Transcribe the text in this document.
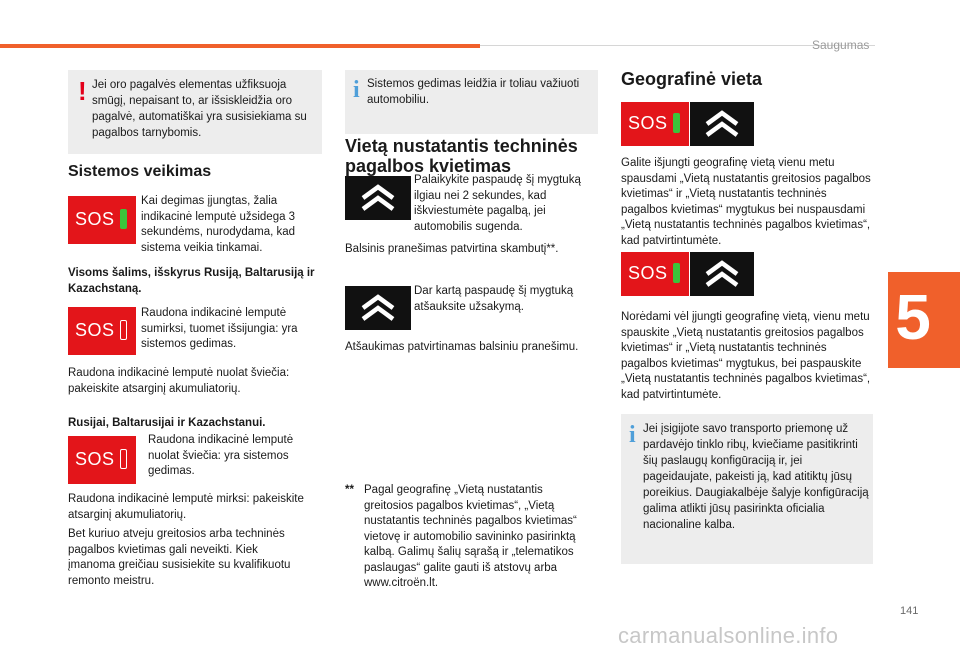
Saugumas
5
! Jei oro pagalvės elementas užfiksuoja smūgį, nepaisant to, ar išsiskleidžia oro pagalvė, automatiškai yra susisiekiama su pagalbos tarnybomis.
Sistemos veikimas
SOS
Kai degimas įjungtas, žalia indikacinė lemputė užsidega 3 sekundėms, nurodydama, kad sistema veikia tinkamai.
Visoms šalims, išskyrus Rusiją, Baltarusiją ir Kazachstaną.
SOS
Raudona indikacinė lemputė sumirksi, tuomet išsijungia: yra sistemos gedimas.
Raudona indikacinė lemputė nuolat šviečia: pakeiskite atsarginį akumuliatorių.
Rusijai, Baltarusijai ir Kazachstanui.
SOS
Raudona indikacinė lemputė nuolat šviečia: yra sistemos gedimas.
Raudona indikacinė lemputė mirksi: pakeiskite atsarginį akumuliatorių.
Bet kuriuo atveju greitosios arba techninės pagalbos kvietimas gali neveikti. Kiek įmanoma greičiau susisiekite su kvalifikuotu remonto meistru.
i Sistemos gedimas leidžia ir toliau važiuoti automobiliu.
Vietą nustatantis techninės pagalbos kvietimas
Palaikykite paspaudę šį mygtuką ilgiau nei 2 sekundes, kad iškviestumėte pagalbą, jei automobilis sugenda.
Balsinis pranešimas patvirtina skambutį**.
Dar kartą paspaudę šį mygtuką atšauksite užsakymą.
Atšaukimas patvirtinamas balsiniu pranešimu.
** Pagal geografinę „Vietą nustatantis greitosios pagalbos kvietimas“, „Vietą nustatantis techninės pagalbos kvietimas“ vietovę ir automobilio savininko pasirinktą kalbą. Galimų šalių sąrašą ir „telematikos paslaugas“ galite gauti iš atstovų arba www.citroën.lt.
Geografinė vieta
SOS
Galite išjungti geografinę vietą vienu metu spausdami „Vietą nustatantis greitosios pagalbos kvietimas“ ir „Vietą nustatantis techninės pagalbos kvietimas“ mygtukus bei nuspausdami „Vietą nustatantis techninės pagalbos kvietimas“, kad patvirtintumėte.
SOS
Norėdami vėl įjungti geografinę vietą, vienu metu spauskite „Vietą nustatantis greitosios pagalbos kvietimas“ ir „Vietą nustatantis techninės pagalbos kvietimas“ mygtukus, bei paspauskite „Vietą nustatantis techninės pagalbos kvietimas“, kad patvirtintumėte.
i Jei įsigijote savo transporto priemonę už pardavėjo tinklo ribų, kviečiame pasitikrinti šių paslaugų konfigūraciją ir, jei pageidaujate, pakeisti ją, kad atitiktų jūsų poreikius. Daugiakalbėje šalyje konfigūraciją galima atlikti jūsų pasirinkta oficialia nacionaline kalba.
141
carmanualsonline.info
